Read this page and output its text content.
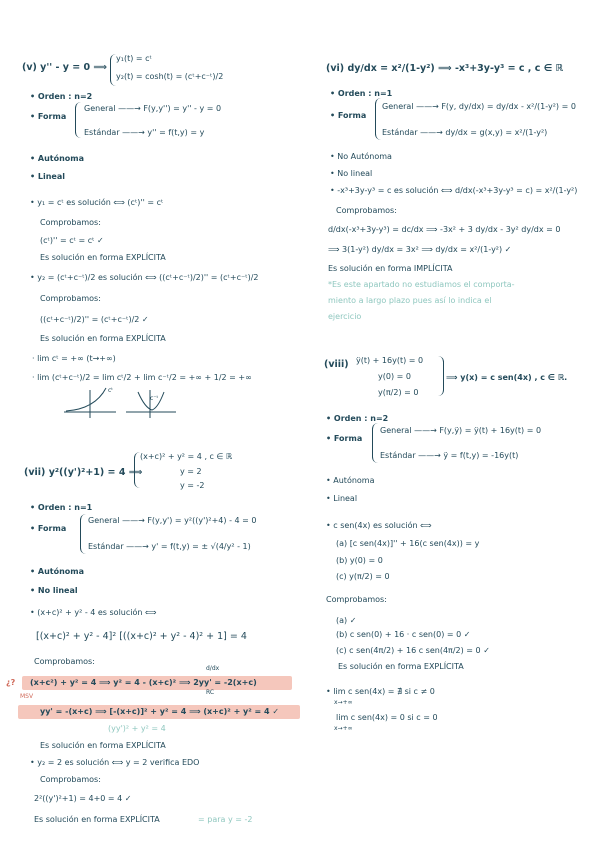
(v) y'' - y = 0 ⟹
y₁(t) = cᵗ
y₂(t) = cosh(t) = (cᵗ+c⁻ᵗ)/2
• Orden : n=2
• Forma
General ——→ F(y,y'') = y'' - y = 0
Estándar ——→ y'' = f(t,y) = y
• Autónoma
• Lineal
• y₁ = cᵗ es solución ⟺ (cᵗ)'' = cᵗ
Comprobamos:
(cᵗ)'' = cᵗ = cᵗ ✓
Es solución en forma EXPLÍCITA
• y₂ = (cᵗ+c⁻ᵗ)/2 es solución ⟺ ((cᵗ+c⁻ᵗ)/2)'' = (cᵗ+c⁻ᵗ)/2
Comprobamos:
((cᵗ+c⁻ᵗ)/2)'' = (cᵗ+c⁻ᵗ)/2 ✓
Es solución en forma EXPLÍCITA
· lim cᵗ = +∞ (t→+∞)
· lim (cᵗ+c⁻ᵗ)/2 = lim cᵗ/2 + lim c⁻ᵗ/2 = +∞ + 1/2 = +∞
cᵗ
c⁻ᵗ
(vii) y²((y')²+1) = 4 ⟹
(x+c)² + y² = 4 , c ∈ ℝ
y = 2
y = -2
• Orden : n=1
• Forma
General ——→ F(y,y') = y²((y')²+4) - 4 = 0
Estándar ——→ y' = f(t,y) = ± √(4/y² - 1)
• Autónoma
• No lineal
• (x+c)² + y² - 4 es solución ⟺
[(x+c)² + y² - 4]² [((x+c)² + y² - 4)² + 1] = 4
Comprobamos:
¿?
MSV
(x+c²) + y² = 4 ⟹ y² = 4 - (x+c)² ⟹ 2yy' = -2(x+c)
d/dx
RC
yy' = -(x+c) ⟹ [-(x+c)]² + y² = 4 ⟹ (x+c)² + y² = 4 ✓
(yy')² + y² = 4
Es solución en forma EXPLÍCITA
• y₂ = 2 es solución ⟺ y = 2 verifica EDO
Comprobamos:
2²((y')²+1) = 4+0 = 4 ✓
Es solución en forma EXPLÍCITA	= para y = -2
(vi) dy/dx = x²/(1-y²) ⟹ -x³+3y-y³ = c , c ∈ ℝ
• Orden : n=1
• Forma
General ——→ F(y, dy/dx) = dy/dx - x²/(1-y²) = 0
Estándar ——→ dy/dx = g(x,y) = x²/(1-y²)
• No Autónoma
• No lineal
• -x³+3y-y³ = c es solución ⟺ d/dx(-x³+3y-y³ = c) = x²/(1-y²)
Comprobamos:
d/dx(-x³+3y-y³) = dc/dx ⟹ -3x² + 3 dy/dx - 3y² dy/dx = 0
⟹ 3(1-y²) dy/dx = 3x² ⟹ dy/dx = x²/(1-y²) ✓
Es solución en forma IMPLÍCITA
*Es este apartado no estudiamos el comporta-
miento a largo plazo pues así lo indica el
ejercicio
(viii) ÿ(t) + 16y(t) = 0
y(0) = 0
y(π/2) = 0
⟹ y(x) = c sen(4x) , c ∈ ℝ.
• Orden : n=2
• Forma
General ——→ F(y,ÿ) = ÿ(t) + 16y(t) = 0
Estándar ——→ ÿ = f(t,y) = -16y(t)
• Autónoma
• Lineal
• c sen(4x) es solución ⟺
(a) [c sen(4x)]'' + 16(c sen(4x)) = y
(b) y(0) = 0
(c) y(π/2) = 0
Comprobamos:
(a) ✓
(b) c sen(0) + 16 · c sen(0) = 0 ✓
(c) c sen(4π/2) + 16 c sen(4π/2) = 0 ✓
Es solución en forma EXPLÍCITA
• lim c sen(4x) = ∄ si c ≠ 0
x→+∞
lim c sen(4x) = 0 si c = 0
x→+∞
